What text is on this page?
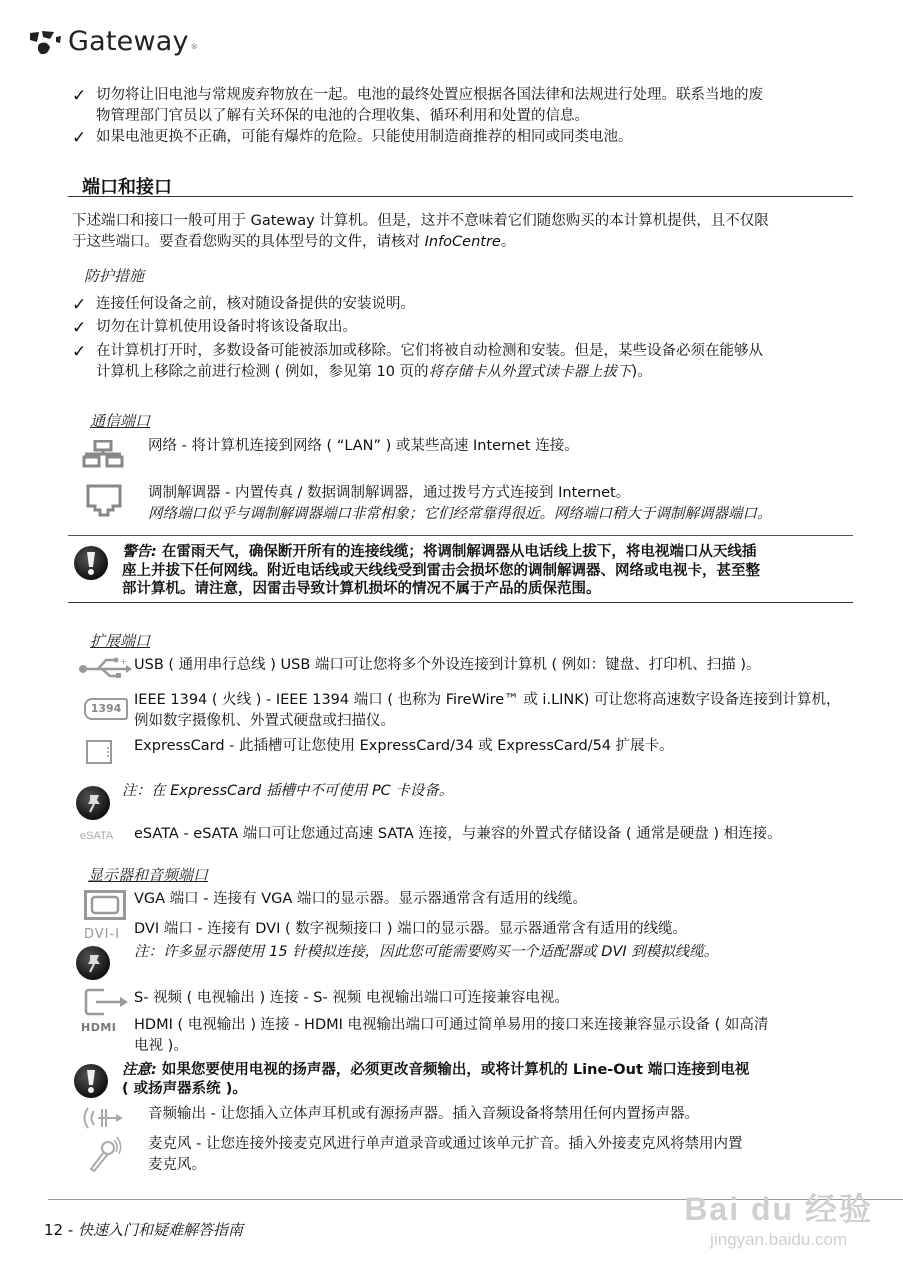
Gateway ®
✓ 切勿将让旧电池与常规废弃物放在一起。电池的最终处置应根据各国法律和法规进行处理。联系当地的废
物管理部门官员以了解有关环保的电池的合理收集、循环利用和处置的信息。
✓ 如果电池更换不正确，可能有爆炸的危险。只能使用制造商推荐的相同或同类电池。
端口和接口
下述端口和接口一般可用于 Gateway 计算机。但是，这并不意味着它们随您购买的本计算机提供，且不仅限
于这些端口。要查看您购买的具体型号的文件，请核对 InfoCentre。
防护措施
✓ 连接任何设备之前，核对随设备提供的安装说明。
✓ 切勿在计算机使用设备时将该设备取出。
✓ 在计算机打开时，多数设备可能被添加或移除。它们将被自动检测和安装。但是，某些设备必须在能够从
计算机上移除之前进行检测 ( 例如，参见第 10 页的将存储卡从外置式读卡器上拔下)。
通信端口
网络 - 将计算机连接到网络 ( “LAN” ) 或某些高速 Internet 连接。
调制解调器 - 内置传真 / 数据调制解调器，通过拨号方式连接到 Internet。
网络端口似乎与调制解调器端口非常相象；它们经常靠得很近。网络端口稍大于调制解调器端口。
警告: 在雷雨天气，确保断开所有的连接线缆；将调制解调器从电话线上拔下，将电视端口从天线插
座上并拔下任何网线。附近电话线或天线线受到雷击会损坏您的调制解调器、网络或电视卡，甚至整
部计算机。请注意，因雷击导致计算机损坏的情况不属于产品的质保范围。
扩展端口
+ USB ( 通用串行总线 ) USB 端口可让您将多个外设连接到计算机 ( 例如：键盘、打印机、扫描 )。
1394
IEEE 1394 ( 火线 ) - IEEE 1394 端口 ( 也称为 FireWire™ 或 i.LINK) 可让您将高速数字设备连接到计算机，
例如数字摄像机、外置式硬盘或扫描仪。
ExpressCard - 此插槽可让您使用 ExpressCard/34 或 ExpressCard/54 扩展卡。
注：在 ExpressCard 插槽中不可使用 PC 卡设备。
eSATA eSATA - eSATA 端口可让您通过高速 SATA 连接，与兼容的外置式存储设备 ( 通常是硬盘 ) 相连接。
显示器和音频端口
VGA 端口 - 连接有 VGA 端口的显示器。显示器通常含有适用的线缆。
DVI-I DVI 端口 - 连接有 DVI ( 数字视频接口 ) 端口的显示器。显示器通常含有适用的线缆。
注：许多显示器使用 15 针模拟连接，因此您可能需要购买一个适配器或 DVI 到模拟线缆。
S- 视频 ( 电视输出 ) 连接 - S- 视频 电视输出端口可连接兼容电视。
HDMI HDMI ( 电视输出 ) 连接 - HDMI 电视输出端口可通过简单易用的接口来连接兼容显示设备 ( 如高清
电视 )。
注意: 如果您要使用电视的扬声器，必须更改音频输出，或将计算机的 Line-Out 端口连接到电视
( 或扬声器系统 )。
音频输出 - 让您插入立体声耳机或有源扬声器。插入音频设备将禁用任何内置扬声器。
麦克风 - 让您连接外接麦克风进行单声道录音或通过该单元扩音。插入外接麦克风将禁用内置
麦克风。
12 - 快速入门和疑难解答指南
Bai du 经验
jingyan.baidu.com
